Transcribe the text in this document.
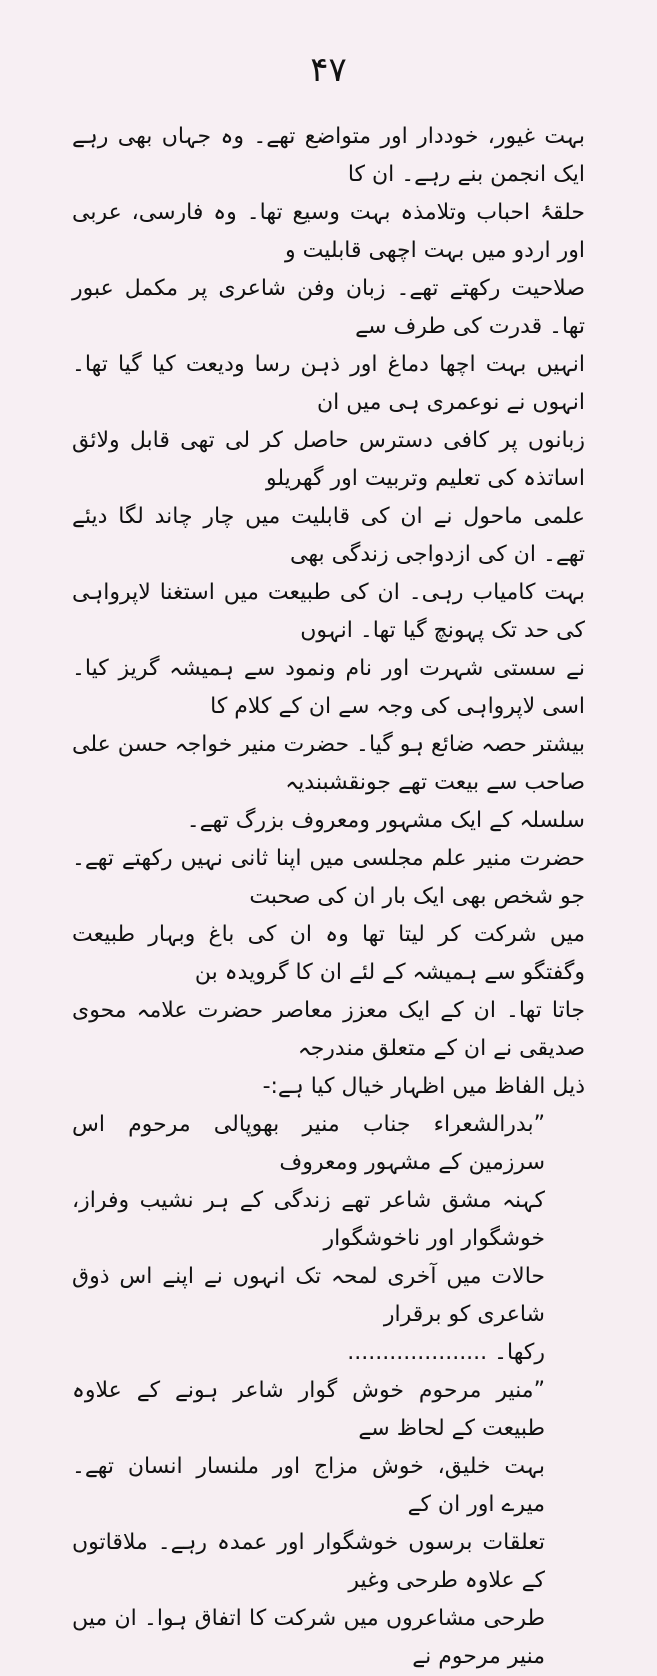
۴۷

بہت غیور، خوددار اور متواضع تھے۔ وہ جہاں بھی رہے ایک انجمن بنے رہے۔ ان کا
حلقۂ احباب وتلامذہ بہت وسیع تھا۔ وہ فارسی، عربی اور اردو میں بہت اچھی قابلیت و
صلاحیت رکھتے تھے۔ زبان وفن شاعری پر مکمل عبور تھا۔ قدرت کی طرف سے
انہیں بہت اچھا دماغ اور ذہن رسا ودیعت کیا گیا تھا۔ انہوں نے نوعمری ہی میں ان
زبانوں پر کافی دسترس حاصل کر لی تھی قابل ولائق اساتذہ کی تعلیم وتربیت اور گھریلو
علمی ماحول نے ان کی قابلیت میں چار چاند لگا دیئے تھے۔ ان کی ازدواجی زندگی بھی
بہت کامیاب رہی۔ ان کی طبیعت میں استغنا لاپرواہی کی حد تک پہونچ گیا تھا۔ انہوں
نے سستی شہرت اور نام ونمود سے ہمیشہ گریز کیا۔ اسی لاپرواہی کی وجہ سے ان کے کلام کا
بیشتر حصہ ضائع ہو گیا۔ حضرت منیر خواجہ حسن علی صاحب سے بیعت تھے جونقشبندیہ
سلسلہ کے ایک مشہور ومعروف بزرگ تھے۔

حضرت منیر علم مجلسی میں اپنا ثانی نہیں رکھتے تھے۔ جو شخص بھی ایک بار ان کی صحبت
میں شرکت کر لیتا تھا وہ ان کی باغ وبہار طبیعت وگفتگو سے ہمیشہ کے لئے ان کا گرویدہ بن
جاتا تھا۔ ان کے ایک معزز معاصر حضرت علامہ محوی صدیقی نے ان کے متعلق مندرجہ
ذیل الفاظ میں اظہار خیال کیا ہے:-

”بدرالشعراء جناب منیر بھوپالی مرحوم اس سرزمین کے مشہور ومعروف
کہنہ مشق شاعر تھے زندگی کے ہر نشیب وفراز، خوشگوار اور ناخوشگوار
حالات میں آخری لمحہ تک انہوں نے اپنے اس ذوق شاعری کو برقرار
رکھا۔ ....................

”منیر مرحوم خوش گوار شاعر ہونے کے علاوہ طبیعت کے لحاظ سے
بہت خلیق، خوش مزاج اور ملنسار انسان تھے۔ میرے اور ان کے
تعلقات برسوں خوشگوار اور عمدہ رہے۔ ملاقاتوں کے علاوہ طرحی وغیر
طرحی مشاعروں میں شرکت کا اتفاق ہوا۔ ان میں منیر مرحوم نے
